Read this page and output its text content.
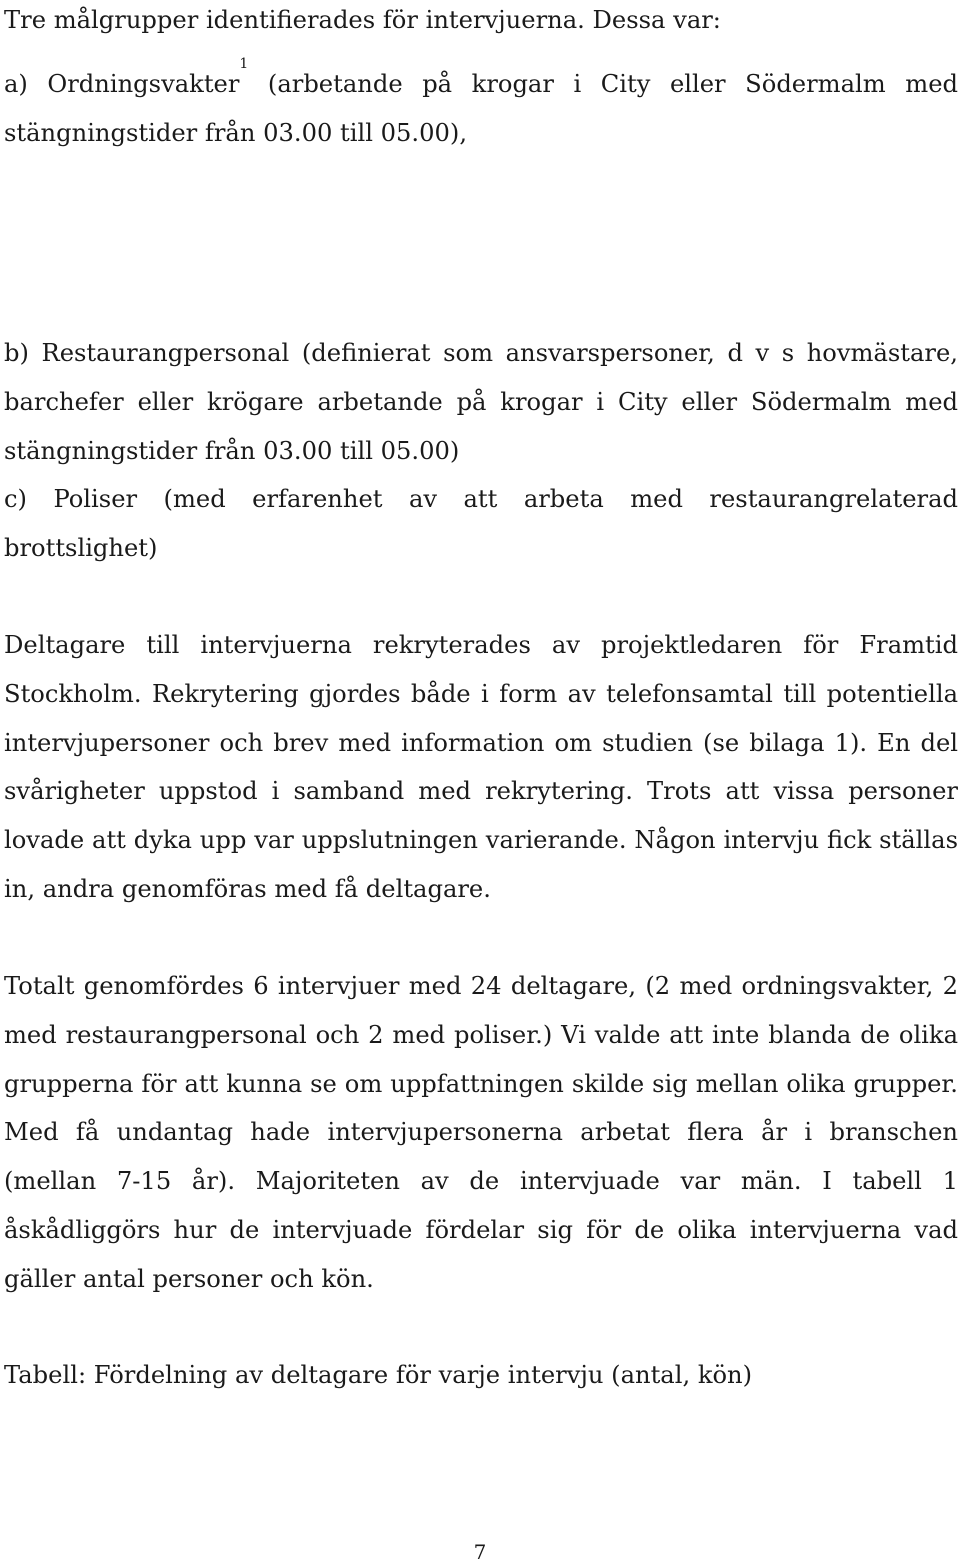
Tre målgrupper identifierades för intervjuerna. Dessa var:

a) Ordningsvakter$^1$ (arbetande på krogar i City eller Södermalm med stängningstider från 03.00 till 05.00),

b) Restaurangpersonal (definierat som ansvarspersoner, d v s hovmästare, barchefer eller krögare arbetande på krogar i City eller Södermalm med stängningstider från 03.00 till 05.00)

c) Poliser (med erfarenhet av att arbeta med restaurangrelaterad brottslighet)

Deltagare till intervjuerna rekryterades av projektledaren för Framtid Stockholm. Rekrytering gjordes både i form av telefonsamtal till potentiella intervjupersoner och brev med information om studien (se bilaga 1). En del svårigheter uppstod i samband med rekrytering. Trots att vissa personer lovade att dyka upp var uppslutningen varierande. Någon intervju fick ställas in, andra genomföras med få deltagare.

Totalt genomfördes 6 intervjuer med 24 deltagare, (2 med ordningsvakter, 2 med restaurangpersonal och 2 med poliser.) Vi valde att inte blanda de olika grupperna för att kunna se om uppfattningen skilde sig mellan olika grupper. Med få undantag hade intervjupersonerna arbetat flera år i branschen (mellan 7-15 år). Majoriteten av de intervjuade var män. I tabell 1 åskådliggörs hur de intervjuade fördelar sig för de olika intervjuerna vad gäller antal personer och kön.

Tabell: Fördelning av deltagare för varje intervju (antal, kön)

7
